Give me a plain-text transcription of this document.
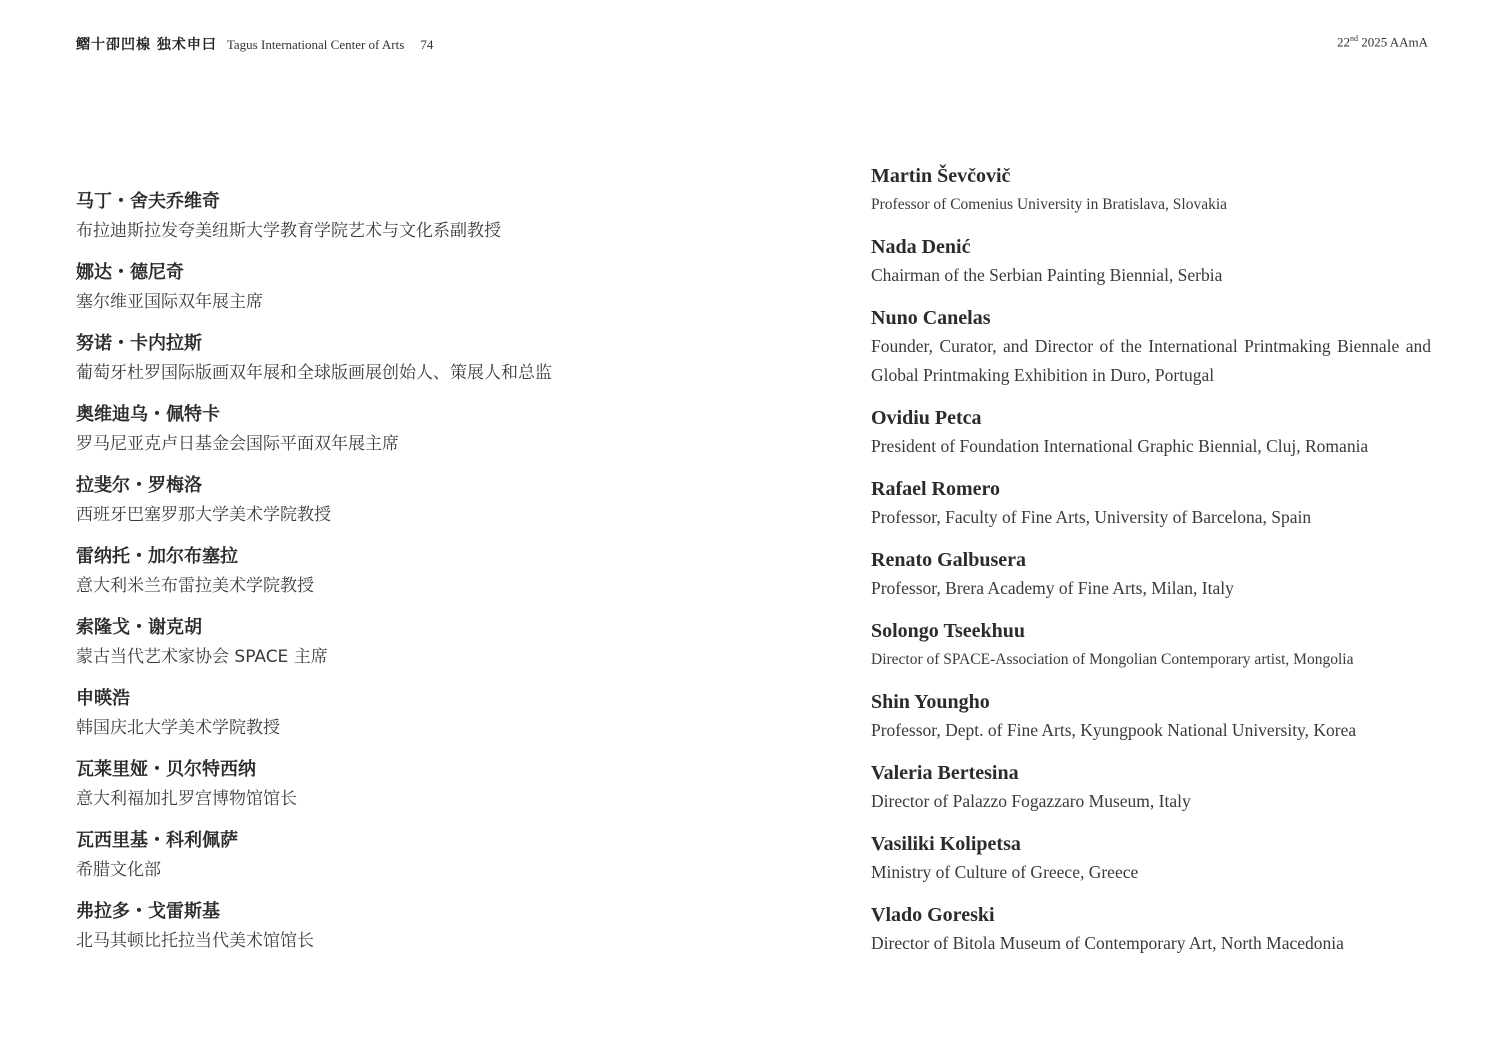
鳛十卲凹楾 独术申曰 Tagus International Center of Arts 74	22nd 2025 AAmA
马丁・舍夫乔维奇
布拉迪斯拉发夸美纽斯大学教育学院艺术与文化系副教授
娜达・德尼奇
塞尔维亚国际双年展主席
努诺・卡内拉斯
葡萄牙杜罗国际版画双年展和全球版画展创始人、策展人和总监
奥维迪乌・佩特卡
罗马尼亚克卢日基金会国际平面双年展主席
拉斐尔・罗梅洛
西班牙巴塞罗那大学美术学院教授
雷纳托・加尔布塞拉
意大利米兰布雷拉美术学院教授
索隆戈・谢克胡
蒙古当代艺术家协会 SPACE 主席
申暎浩
韩国庆北大学美术学院教授
瓦莱里娅・贝尔特西纳
意大利福加扎罗宫博物馆馆长
瓦西里基・科利佩萨
希腊文化部
弗拉多・戈雷斯基
北马其顿比托拉当代美术馆馆长
Martin Ševčovič
Professor of Comenius University in Bratislava, Slovakia
Nada Denić
Chairman of the Serbian Painting Biennial, Serbia
Nuno Canelas
Founder, Curator, and Director of the International Printmaking Biennale and Global Printmaking Exhibition in Duro, Portugal
Ovidiu Petca
President of Foundation International Graphic Biennial, Cluj, Romania
Rafael Romero
Professor, Faculty of Fine Arts, University of Barcelona, Spain
Renato Galbusera
Professor, Brera Academy of Fine Arts, Milan, Italy
Solongo Tseekhuu
Director of SPACE-Association of Mongolian Contemporary artist, Mongolia
Shin Youngho
Professor, Dept. of Fine Arts, Kyungpook National University, Korea
Valeria Bertesina
Director of Palazzo Fogazzaro Museum, Italy
Vasiliki Kolipetsa
Ministry of Culture of Greece, Greece
Vlado Goreski
Director of Bitola Museum of Contemporary Art, North Macedonia
